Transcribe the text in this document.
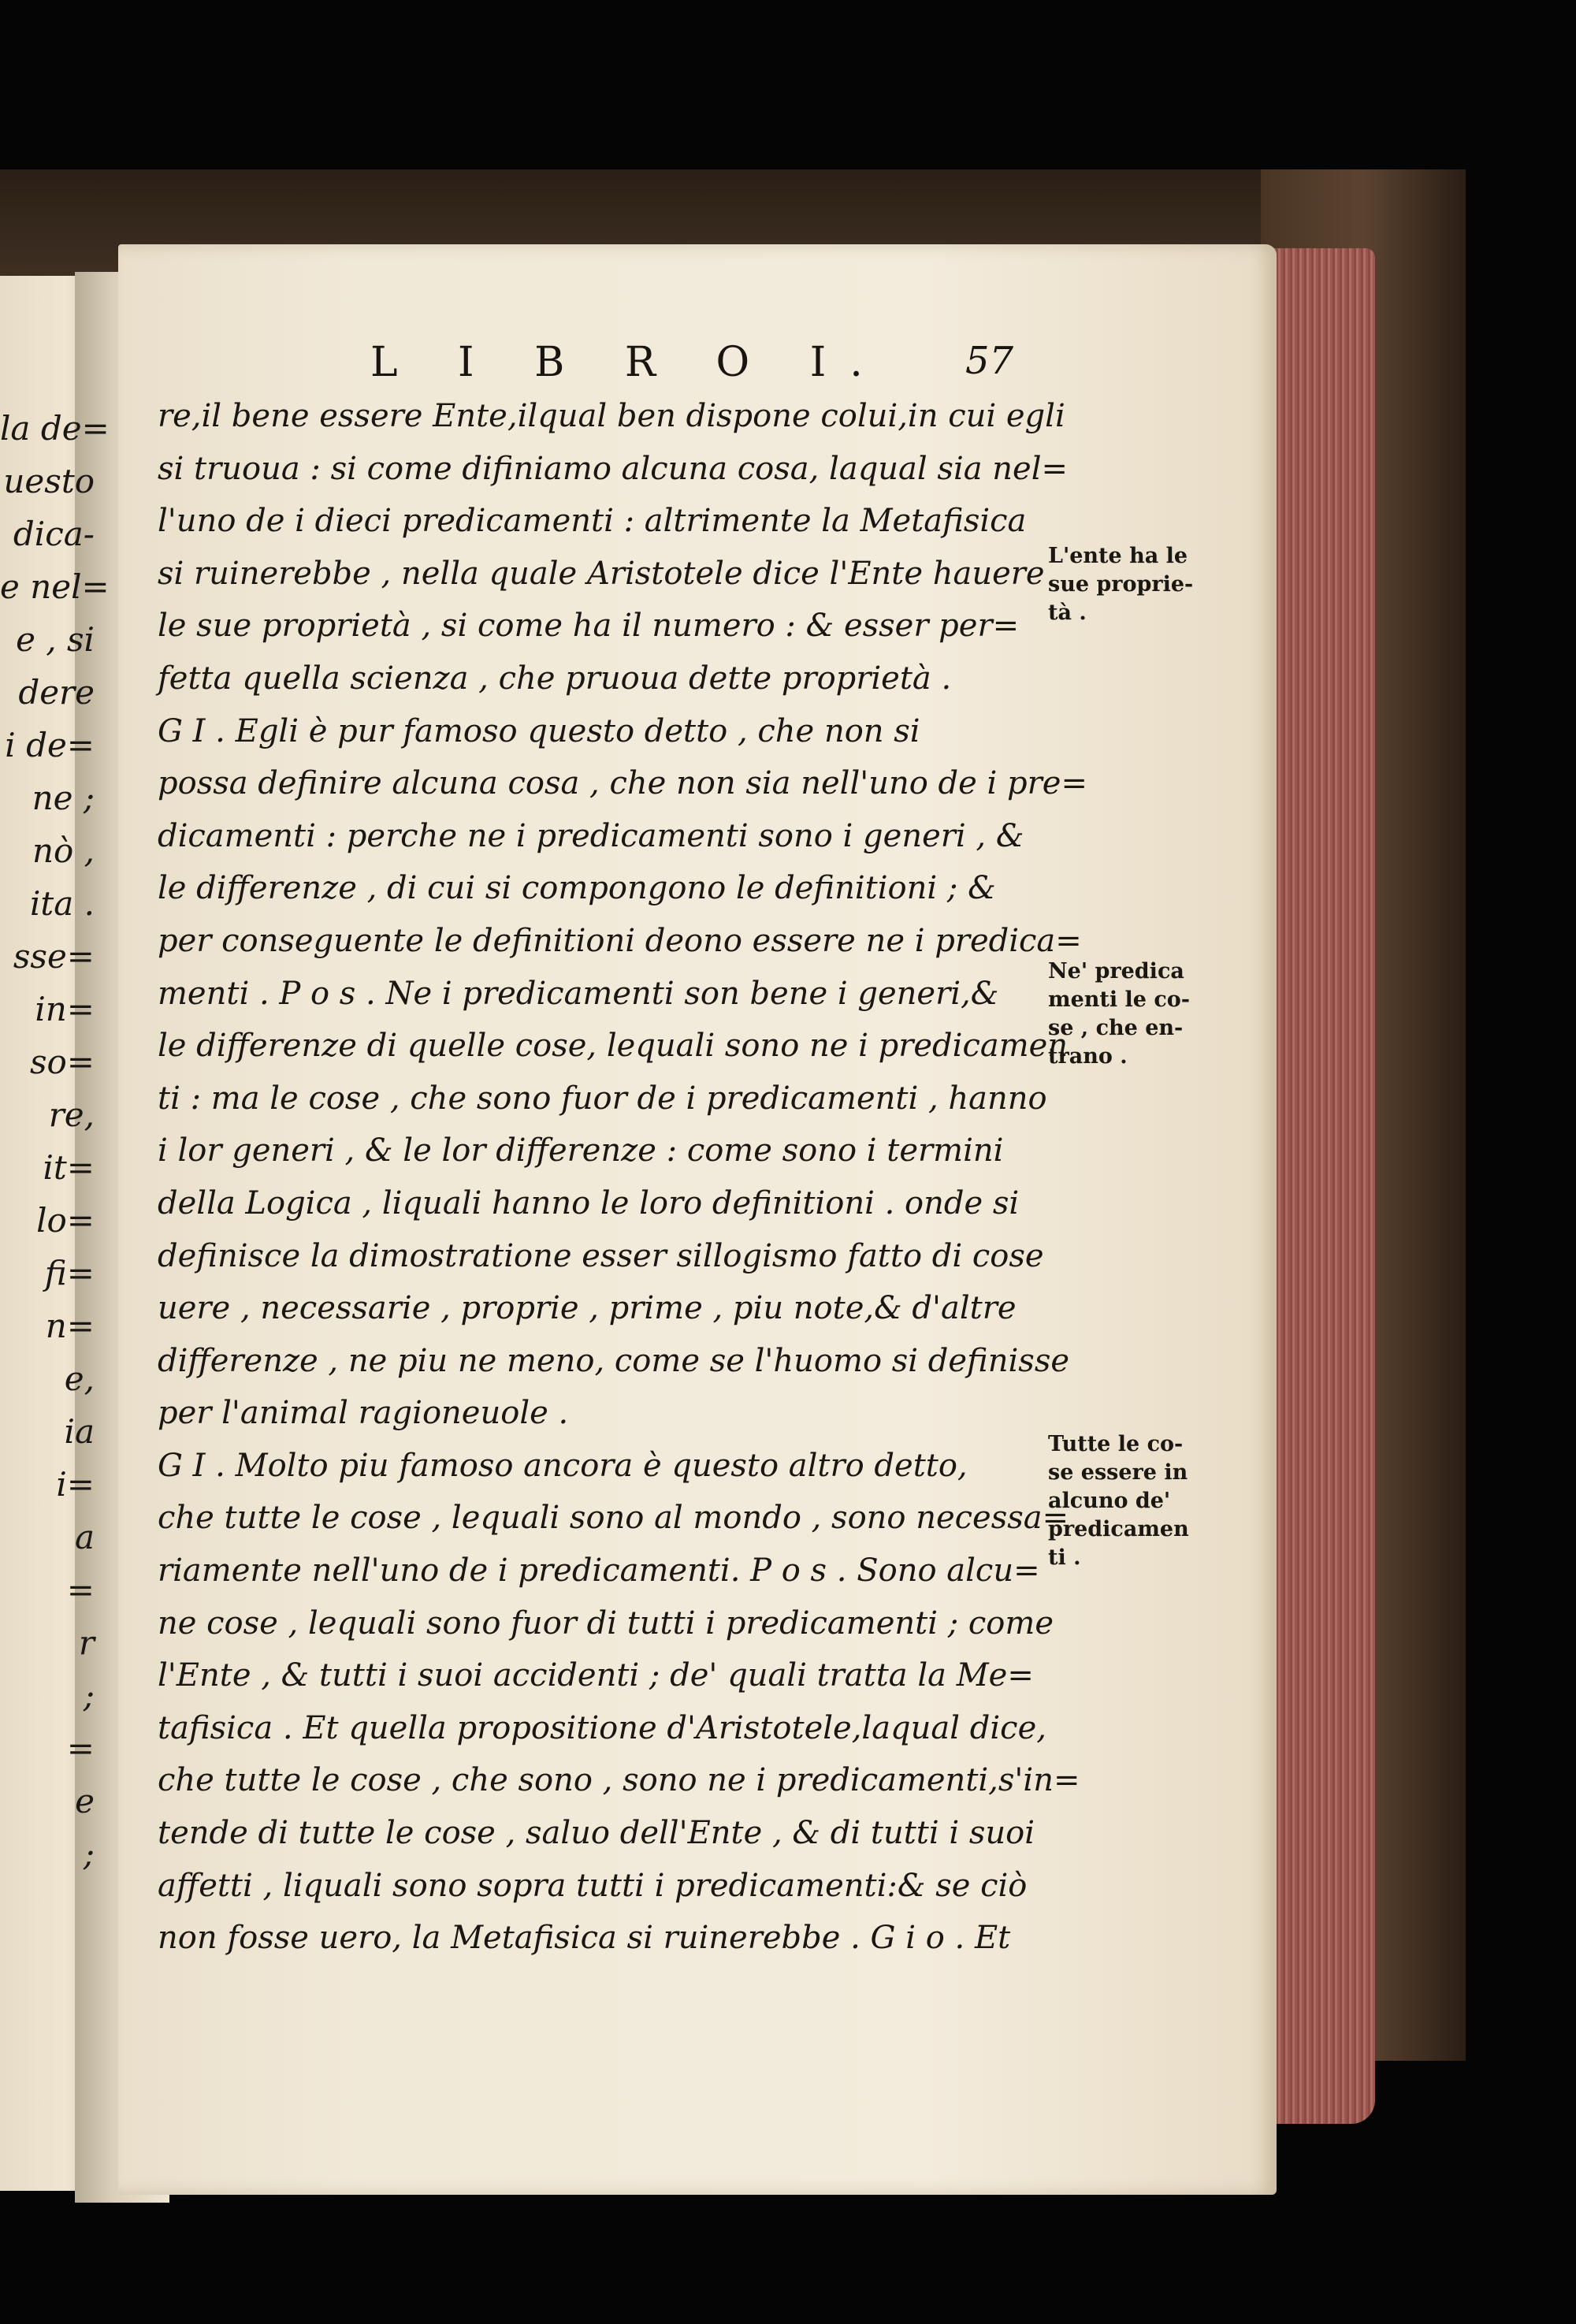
la de=
uesto
dica-
e nel=
e , si
dere
i de=
ne ;
nò ,
ita .
sse=
in=
so=
re,
it=
lo=
fi=
n=
e,
ia
i=
a
=
r
;
=
e
;
L I B R O I.	57
re,il bene essere Ente,ilqual ben dispone colui,in cui egli
si truoua : si come difiniamo alcuna cosa, laqual sia nel=
l'uno de i dieci predicamenti : altrimente la Metafisica
si ruinerebbe , nella quale Aristotele dice l'Ente hauere
le sue proprietà , si come ha il numero : & esser per=
fetta quella scienza , che pruoua dette proprietà .
G I . Egli è pur famoso questo detto , che non si
possa definire alcuna cosa , che non sia nell'uno de i pre=
dicamenti : perche ne i predicamenti sono i generi , &
le differenze , di cui si compongono le definitioni ; &
per conseguente le definitioni deono essere ne i predica=
menti . P o s . Ne i predicamenti son bene i generi,&
le differenze di quelle cose, lequali sono ne i predicamen
ti : ma le cose , che sono fuor de i predicamenti , hanno
i lor generi , & le lor differenze : come sono i termini
della Logica , liquali hanno le loro definitioni . onde si
definisce la dimostratione esser sillogismo fatto di cose
uere , necessarie , proprie , prime , piu note,& d'altre
differenze , ne piu ne meno, come se l'huomo si definisse
per l'animal ragioneuole .
G I . Molto piu famoso ancora è questo altro detto,
che tutte le cose , lequali sono al mondo , sono necessa=
riamente nell'uno de i predicamenti. P o s . Sono alcu=
ne cose , lequali sono fuor di tutti i predicamenti ; come
l'Ente , & tutti i suoi accidenti ; de' quali tratta la Me=
tafisica . Et quella propositione d'Aristotele,laqual dice,
che tutte le cose , che sono , sono ne i predicamenti,s'in=
tende di tutte le cose , saluo dell'Ente , & di tutti i suoi
affetti , liquali sono sopra tutti i predicamenti:& se ciò
non fosse uero, la Metafisica si ruinerebbe . G i o . Et
L'ente ha le
sue proprie-
tà .
Ne' predica
menti le co-
se , che en-
trano .
Tutte le co-
se essere in
alcuno de'
predicamen
ti .
